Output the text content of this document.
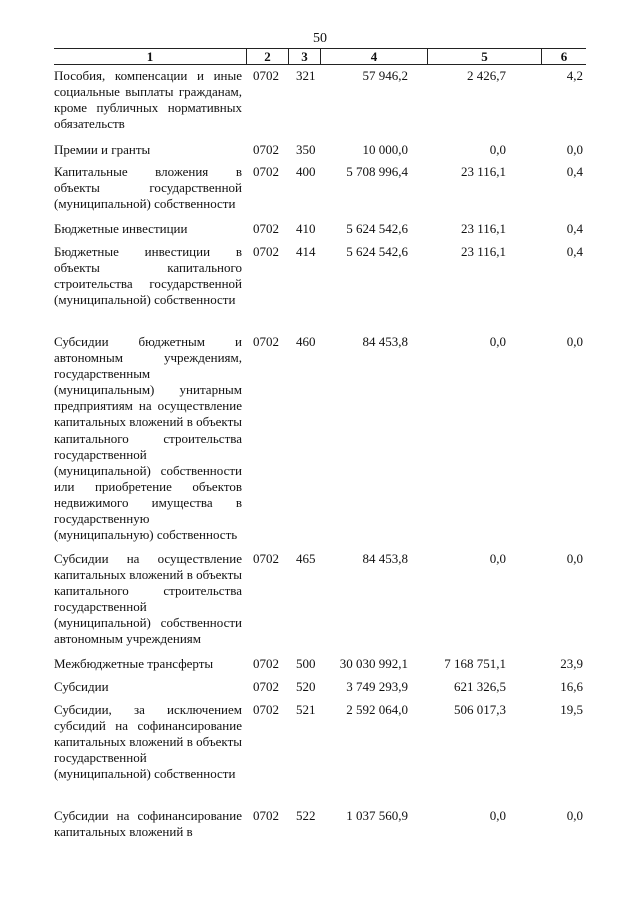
50
1	2	3	4	5	6
Пособия, компенсации и иные социальные выплаты гражданам, кроме публичных нормативных обязательств
0702 321	57 946,2	2 426,7	4,2
Премии и гранты	0702 350	10 000,0	0,0	0,0
Капитальные вложения в объекты государственной (муниципальной) собственности
0702 400	5 708 996,4	23 116,1	0,4
Бюджетные инвестиции	0702 410	5 624 542,6	23 116,1	0,4
Бюджетные инвестиции в объекты капитального строительства государственной (муниципальной) собственности
0702 414	5 624 542,6	23 116,1	0,4
Субсидии бюджетным и автономным учреждениям, государственным (муниципальным) унитарным предприятиям на осуществление капитальных вложений в объекты капитального строительства государственной (муниципальной) собственности или приобретение объектов недвижимого имущества в государственную (муниципальную) собственность
0702 460	84 453,8	0,0	0,0
Субсидии на осуществление капитальных вложений в объекты капитального строительства государственной (муниципальной) собственности автономным учреждениям
0702 465	84 453,8	0,0	0,0
Межбюджетные трансферты	0702 500	30 030 992,1	7 168 751,1	23,9
Субсидии	0702 520	3 749 293,9	621 326,5	16,6
Субсидии, за исключением субсидий на софинансирование капитальных вложений в объекты государственной (муниципальной) собственности
0702 521	2 592 064,0	506 017,3	19,5
Субсидии на софинансирование капитальных вложений в
0702 522	1 037 560,9	0,0	0,0
